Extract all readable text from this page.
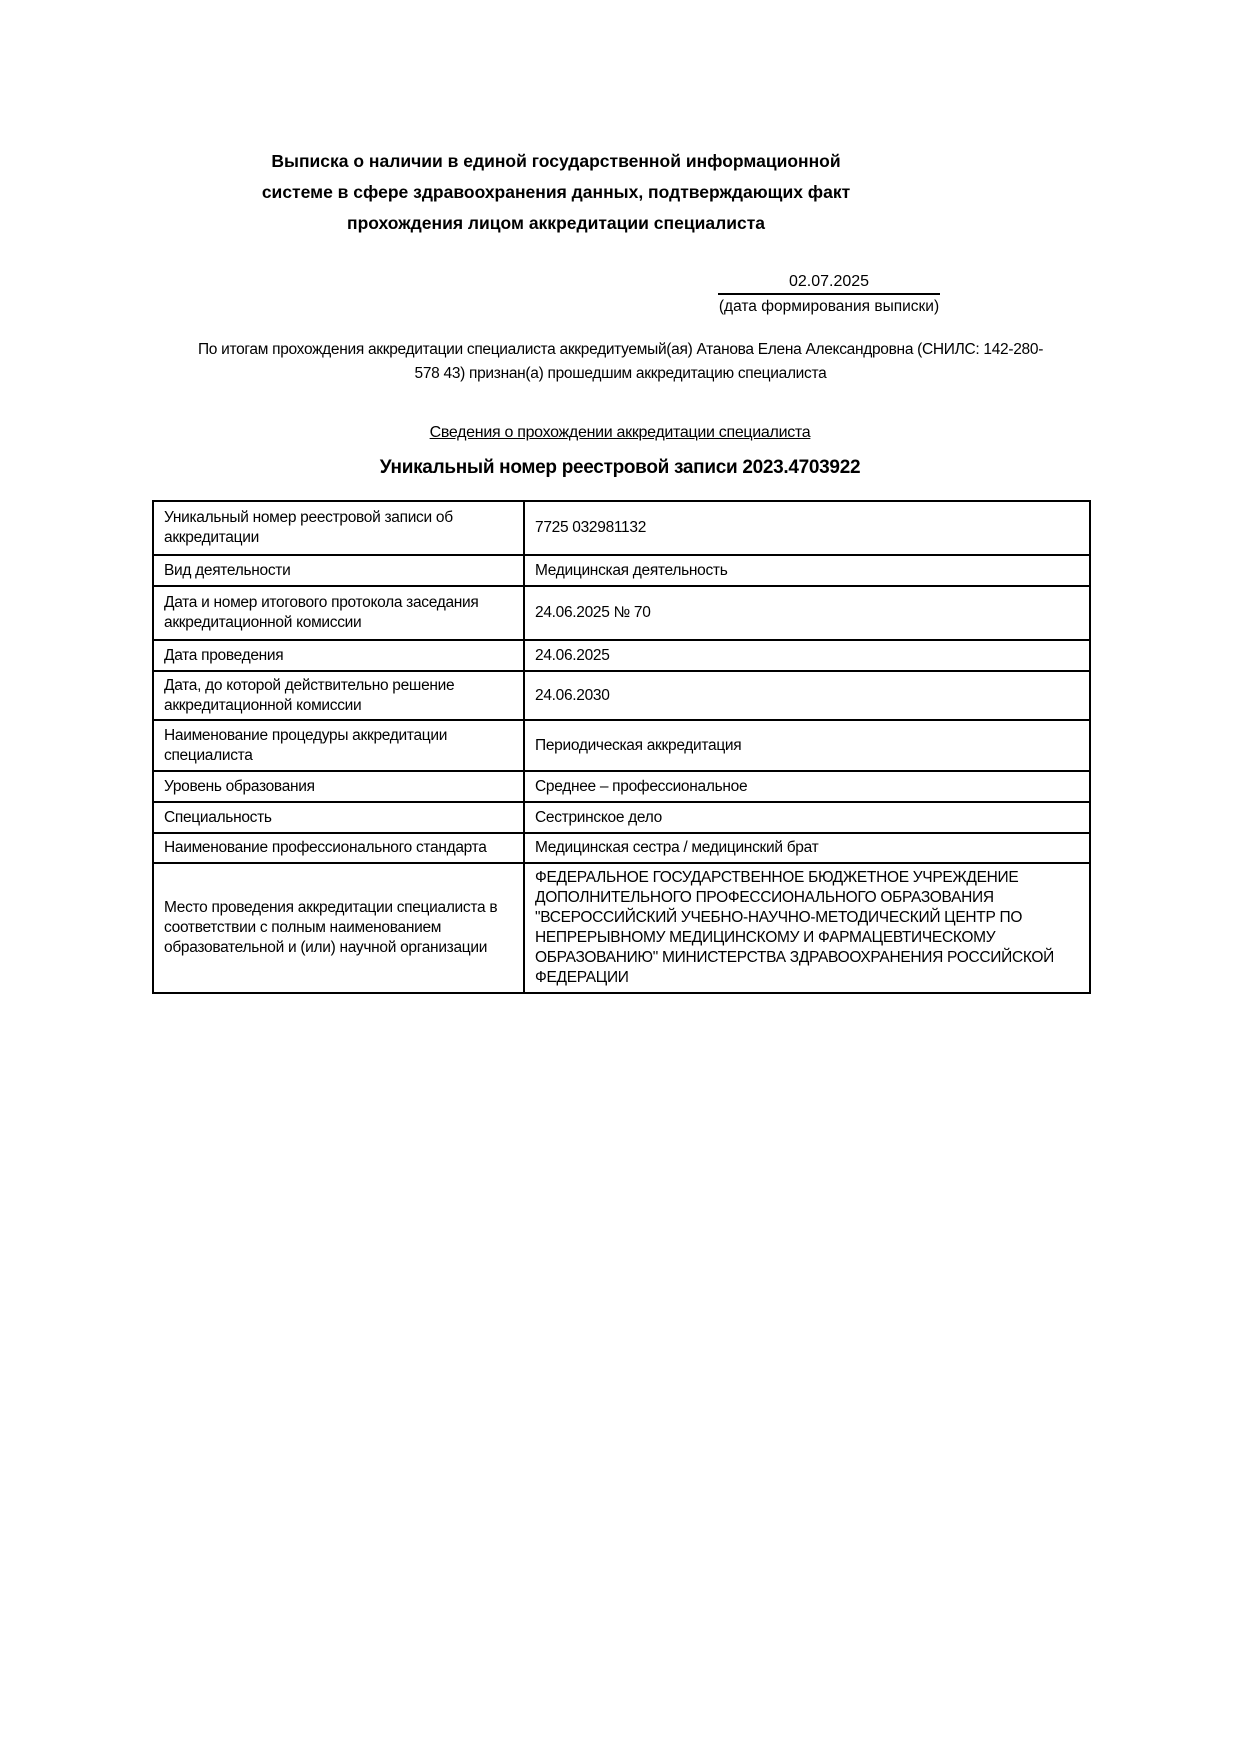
Выписка о наличии в единой государственной информационной
системе в сфере здравоохранения данных, подтверждающих факт
прохождения лицом аккредитации специалиста
02.07.2025
(дата формирования выписки)

По итогам прохождения аккредитации специалиста аккредитуемый(ая) Атанова Елена Александровна (СНИЛС: 142-280-578 43) признан(а) прошедшим аккредитацию специалиста

Сведения о прохождении аккредитации специалиста
Уникальный номер реестровой записи 2023.4703922
Уникальный номер реестровой записи об аккредитации	7725 032981132
Вид деятельности	Медицинская деятельность
Дата и номер итогового протокола заседания аккредитационной комиссии	24.06.2025 № 70
Дата проведения	24.06.2025
Дата, до которой действительно решение аккредитационной комиссии	24.06.2030
Наименование процедуры аккредитации специалиста	Периодическая аккредитация
Уровень образования	Среднее – профессиональное
Специальность	Сестринское дело
Наименование профессионального стандарта	Медицинская сестра / медицинский брат
Место проведения аккредитации специалиста в соответствии с полным наименованием образовательной и (или) научной организации	ФЕДЕРАЛЬНОЕ ГОСУДАРСТВЕННОЕ БЮДЖЕТНОЕ УЧРЕЖДЕНИЕ ДОПОЛНИТЕЛЬНОГО ПРОФЕССИОНАЛЬНОГО ОБРАЗОВАНИЯ "ВСЕРОССИЙСКИЙ УЧЕБНО-НАУЧНО-МЕТОДИЧЕСКИЙ ЦЕНТР ПО НЕПРЕРЫВНОМУ МЕДИЦИНСКОМУ И ФАРМАЦЕВТИЧЕСКОМУ ОБРАЗОВАНИЮ" МИНИСТЕРСТВА ЗДРАВООХРАНЕНИЯ РОССИЙСКОЙ ФЕДЕРАЦИИ
